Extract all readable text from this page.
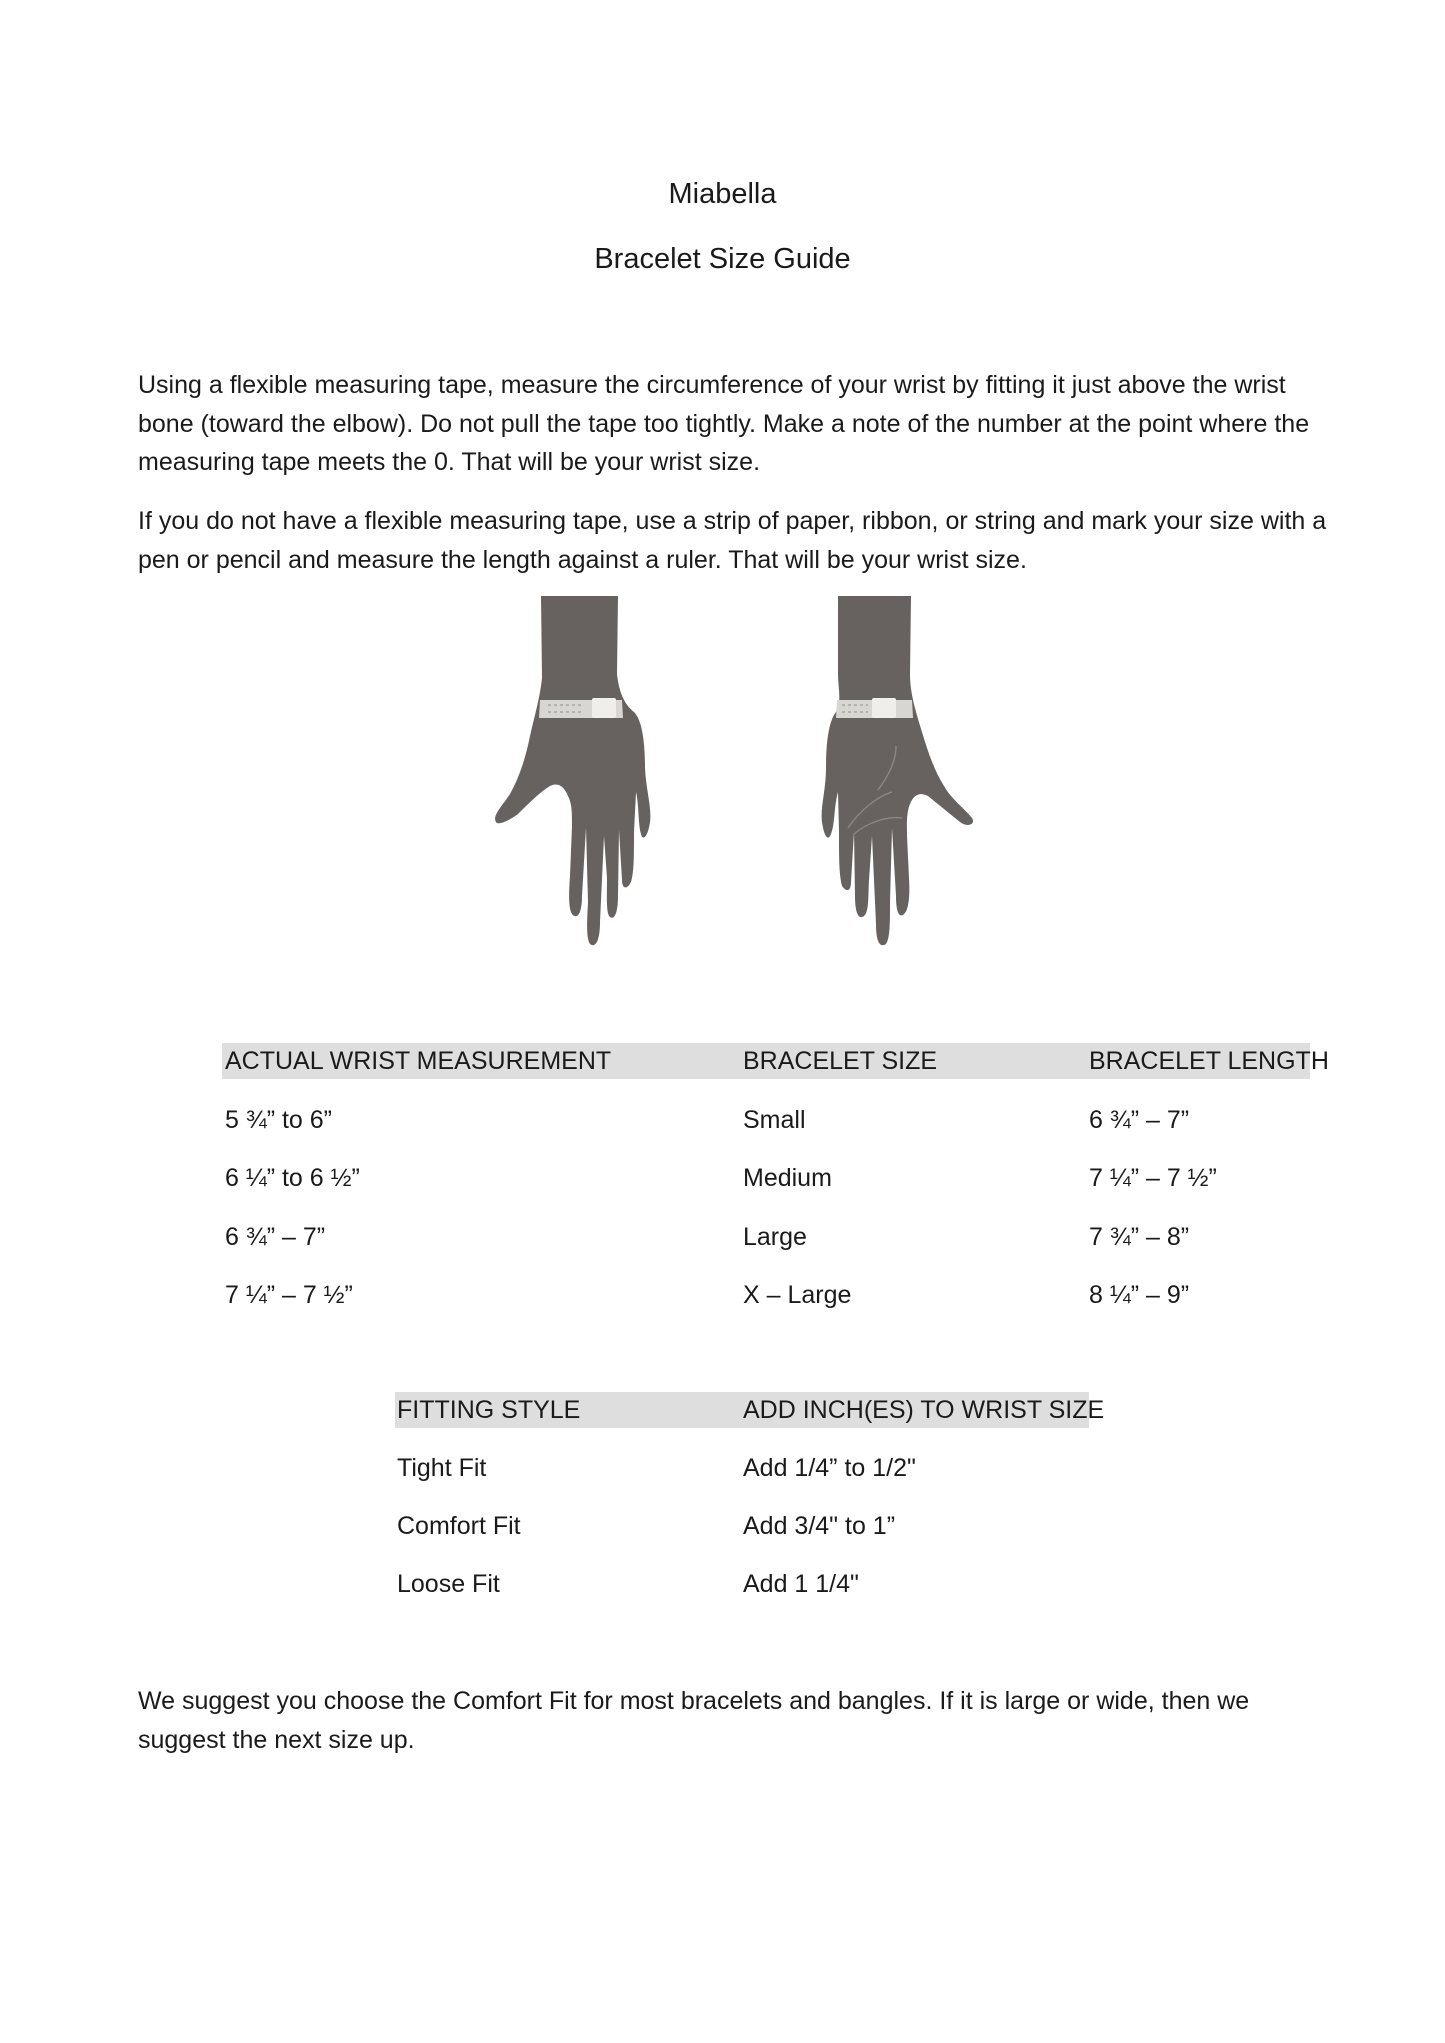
Miabella
Bracelet Size Guide

Using a flexible measuring tape, measure the circumference of your wrist by fitting it just above the wrist bone (toward the elbow). Do not pull the tape too tightly. Make a note of the number at the point where the measuring tape meets the 0. That will be your wrist size.

If you do not have a flexible measuring tape, use a strip of paper, ribbon, or string and mark your size with a pen or pencil and measure the length against a ruler. That will be your wrist size.

ACTUAL WRIST MEASUREMENT	BRACELET SIZE	BRACELET LENGTH
5 ¾” to 6”	Small	6 ¾” – 7”
6 ¼” to 6 ½”	Medium	7 ¼” – 7 ½”
6 ¾” – 7”	Large	7 ¾” – 8”
7 ¼” – 7 ½”	X – Large	8 ¼” – 9”
FITTING STYLE	ADD INCH(ES) TO WRIST SIZE
Tight Fit	Add 1/4” to 1/2"
Comfort Fit	Add 3/4" to 1”
Loose Fit	Add 1 1/4"

We suggest you choose the Comfort Fit for most bracelets and bangles. If it is large or wide, then we suggest the next size up.
